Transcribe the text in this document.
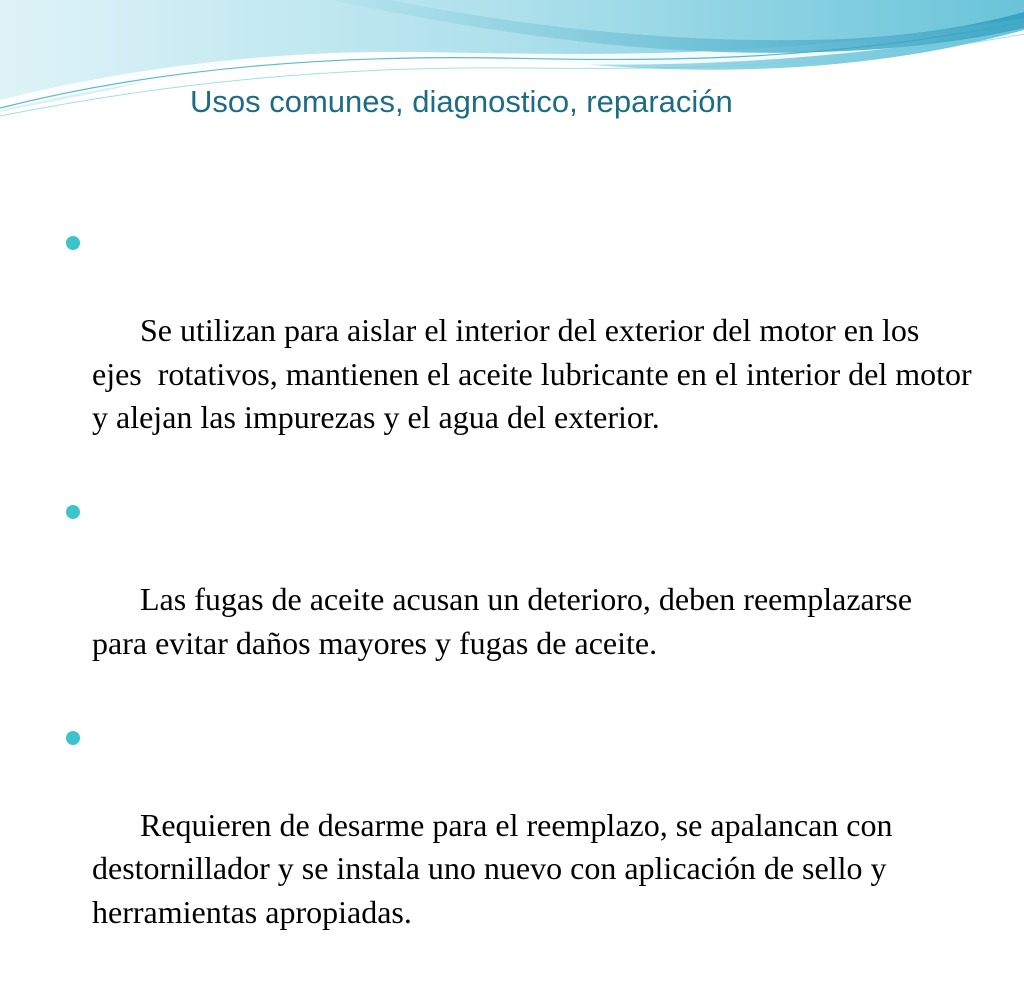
Usos comunes, diagnostico, reparación

Se utilizan para aislar el interior del exterior del motor en los ejes  rotativos, mantienen el aceite lubricante en el interior del motor y alejan las impurezas y el agua del exterior.

Las fugas de aceite acusan un deterioro, deben reemplazarse para evitar daños mayores y fugas de aceite.

Requieren de desarme para el reemplazo, se apalancan con destornillador y se instala uno nuevo con aplicación de sello y herramientas apropiadas.
